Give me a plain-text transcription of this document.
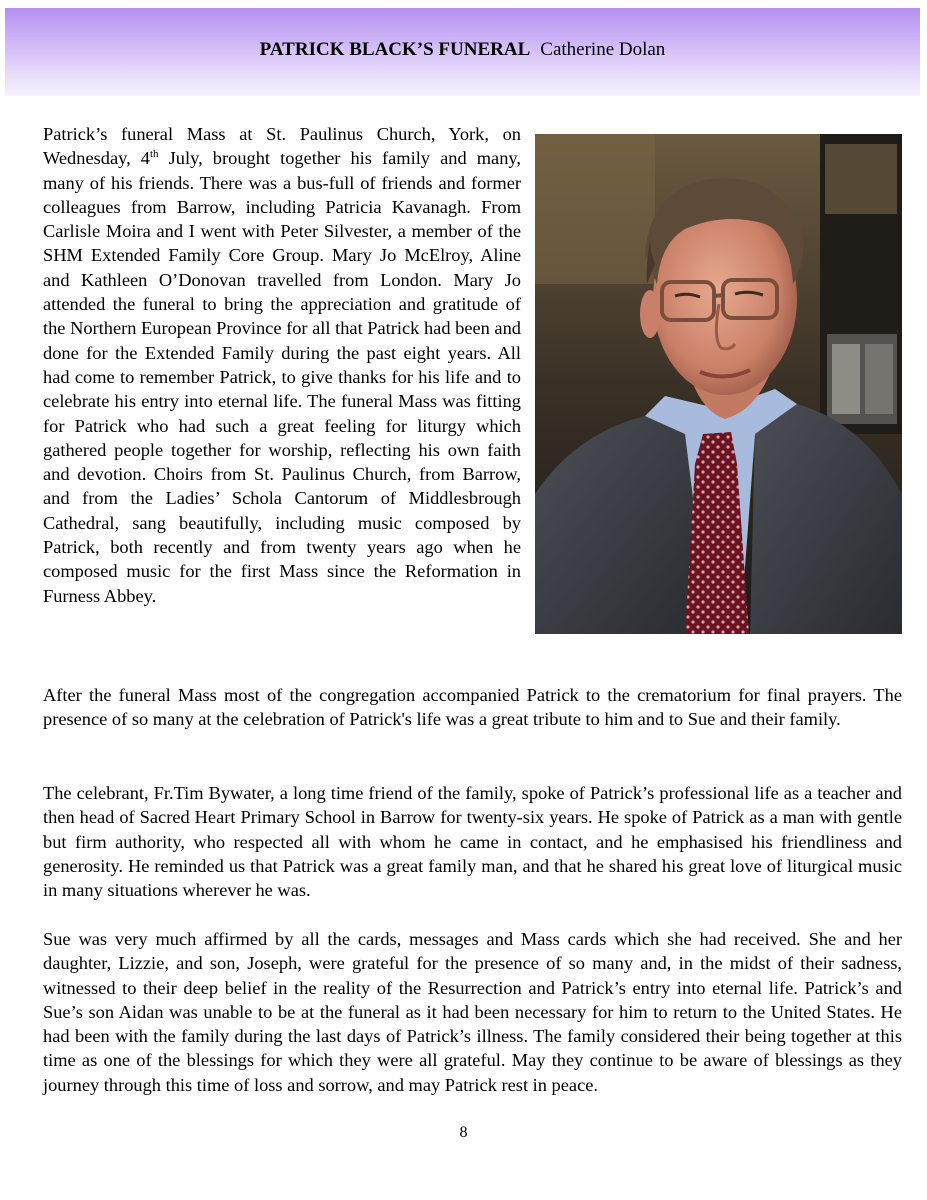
PATRICK BLACK’S FUNERAL Catherine Dolan

Patrick’s funeral Mass at St. Paulinus Church, York, on Wednesday, 4th July, brought together his family and many, many of his friends. There was a bus-full of friends and former colleagues from Barrow, including Patricia Kavanagh. From Carlisle Moira and I went with Peter Silvester, a member of the SHM Extended Family Core Group. Mary Jo McElroy, Aline and Kathleen O’Donovan travelled from London. Mary Jo attended the funeral to bring the appreciation and gratitude of the Northern European Province for all that Patrick had been and done for the Extended Family during the past eight years. All had come to remember Patrick, to give thanks for his life and to celebrate his entry into eternal life. The funeral Mass was fitting for Patrick who had such a great feeling for liturgy which gathered people together for worship, reflecting his own faith and devotion. Choirs from St. Paulinus Church, from Barrow, and from the Ladies’ Schola Cantorum of Middlesbrough Cathedral, sang beautifully, including music composed by Patrick, both recently and from twenty years ago when he composed music for the first Mass since the Reformation in Furness Abbey.

After the funeral Mass most of the congregation accompanied Patrick to the crematorium for final prayers. The presence of so many at the celebration of Patrick's life was a great tribute to him and to Sue and their family.

The celebrant, Fr.Tim Bywater, a long time friend of the family, spoke of Patrick’s professional life as a teacher and then head of Sacred Heart Primary School in Barrow for twenty-six years. He spoke of Patrick as a man with gentle but firm authority, who respected all with whom he came in contact, and he emphasised his friendliness and generosity. He reminded us that Patrick was a great family man, and that he shared his great love of liturgical music in many situations wherever he was.

Sue was very much affirmed by all the cards, messages and Mass cards which she had received. She and her daughter, Lizzie, and son, Joseph, were grateful for the presence of so many and, in the midst of their sadness, witnessed to their deep belief in the reality of the Resurrection and Patrick’s entry into eternal life. Patrick’s and Sue’s son Aidan was unable to be at the funeral as it had been necessary for him to return to the United States. He had been with the family during the last days of Patrick’s illness. The family considered their being together at this time as one of the blessings for which they were all grateful. May they continue to be aware of blessings as they journey through this time of loss and sorrow, and may Patrick rest in peace.

8
